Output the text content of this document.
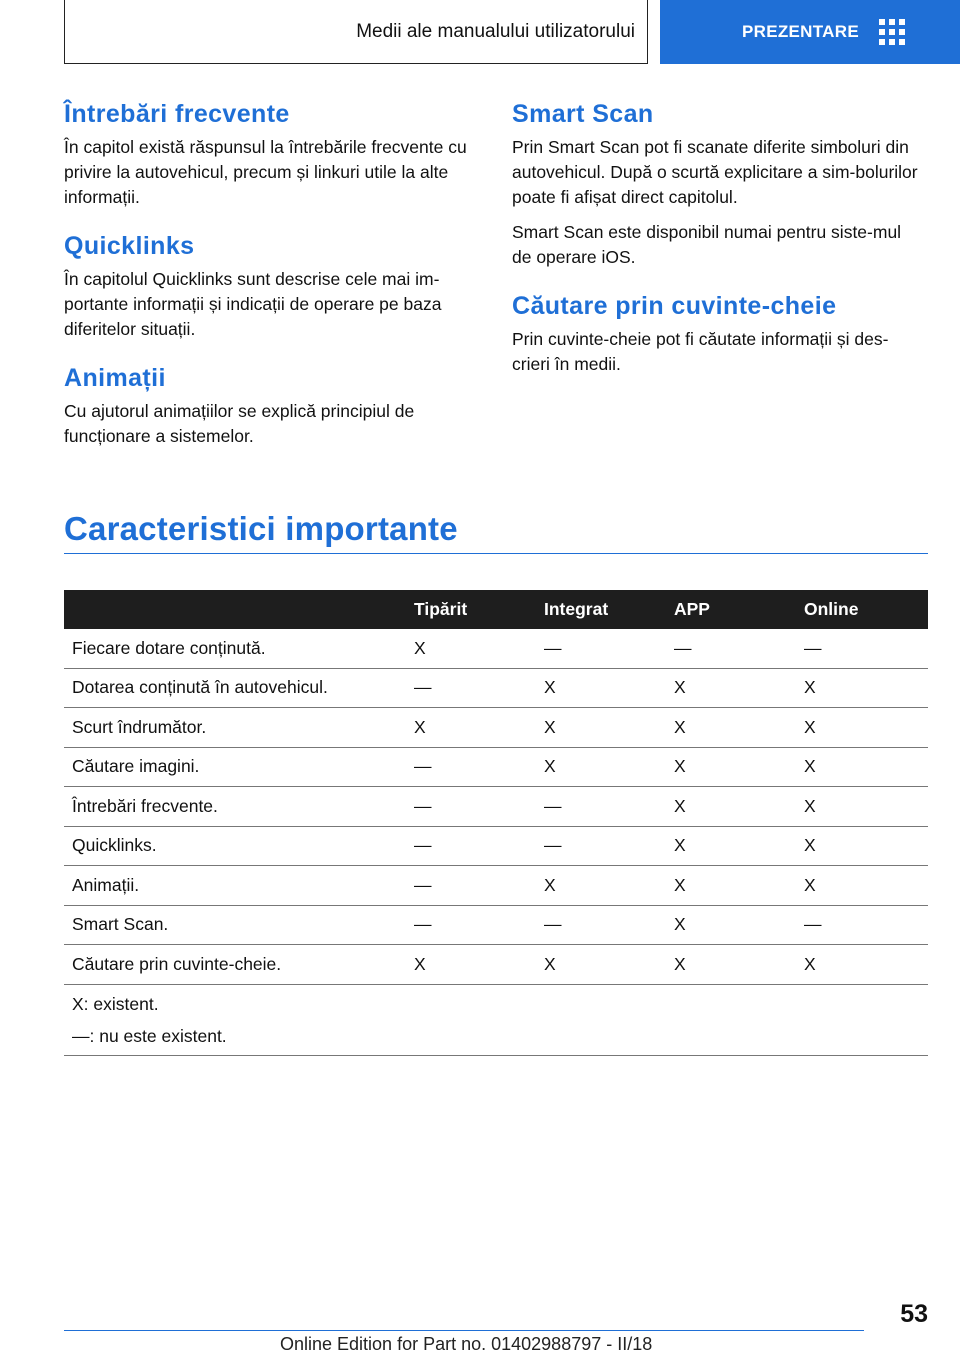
Medii ale manualului utilizatorului	PREZENTARE
Întrebări frecvente

În capitol există răspunsul la întrebările frecvente cu privire la autovehicul, precum și linkuri utile la alte informații.

Quicklinks

În capitolul Quicklinks sunt descrise cele mai im-portante informații și indicații de operare pe baza diferitelor situații.

Animații

Cu ajutorul animațiilor se explică principiul de funcționare a sistemelor.

Smart Scan

Prin Smart Scan pot fi scanate diferite simboluri din autovehicul. După o scurtă explicitare a sim-bolurilor poate fi afișat direct capitolul.

Smart Scan este disponibil numai pentru siste-mul de operare iOS.

Căutare prin cuvinte-cheie

Prin cuvinte-cheie pot fi căutate informații și des-crieri în medii.

Caracteristici importante
	Tipărit	Integrat	APP	Online
Fiecare dotare conținută.	X	—	—	—
Dotarea conținută în autovehicul.	—	X	X	X
Scurt îndrumător.	X	X	X	X
Căutare imagini.	—	X	X	X
Întrebări frecvente.	—	—	X	X
Quicklinks.	—	—	X	X
Animații.	—	X	X	X
Smart Scan.	—	—	X	—
Căutare prin cuvinte-cheie.	X	X	X	X

X: existent.
—: nu este existent.				
53
Online Edition for Part no. 01402988797 - II/18
